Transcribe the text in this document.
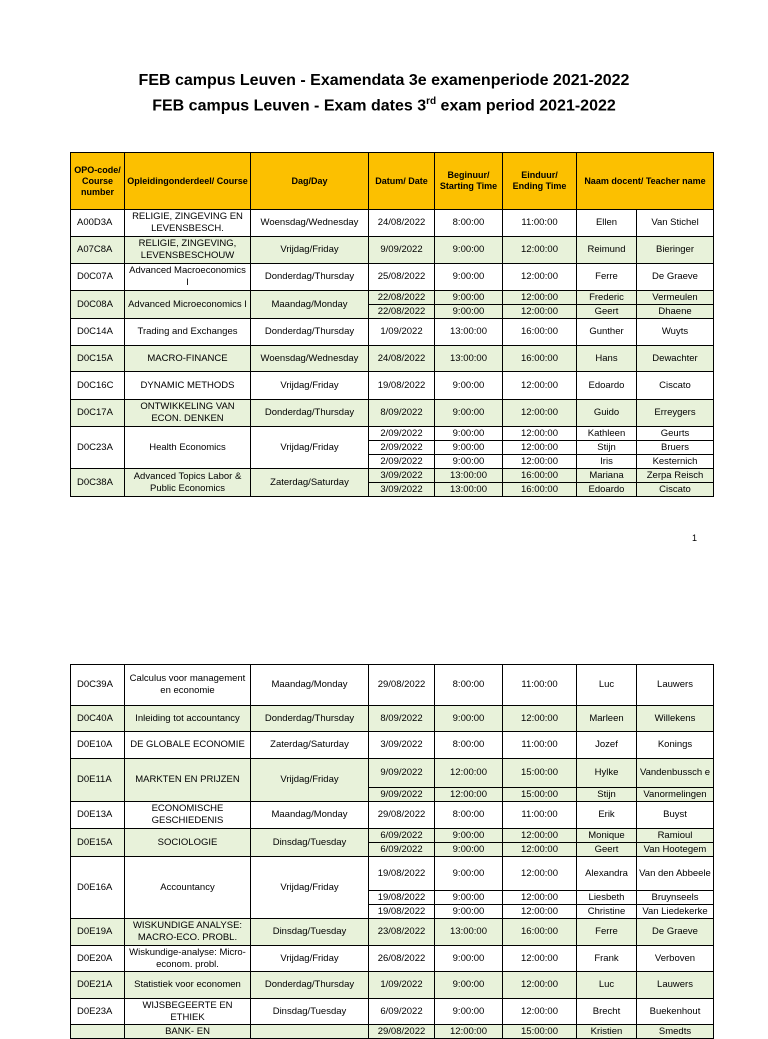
FEB campus Leuven - Examendata 3e examenperiode 2021-2022
FEB campus Leuven - Exam dates 3rd exam period 2021-2022
OPO-code/ Course number	Opleidingonderdeel/ Course	Dag/Day	Datum/ Date	Beginuur/ Starting Time	Einduur/ Ending Time	Naam docent/ Teacher name	
A00D3A	RELIGIE, ZINGEVING EN LEVENSBESCH.	Woensdag/Wednesday	24/08/2022	8:00:00	11:00:00	Ellen	Van Stichel
A07C8A	RELIGIE, ZINGEVING, LEVENSBESCHOUW	Vrijdag/Friday	9/09/2022	9:00:00	12:00:00	Reimund	Bieringer
D0C07A	Advanced Macroeconomics I	Donderdag/Thursday	25/08/2022	9:00:00	12:00:00	Ferre	De Graeve
D0C08A	Advanced Microeconomics I	Maandag/Monday	22/08/2022	9:00:00	12:00:00	Frederic	Vermeulen
			22/08/2022	9:00:00	12:00:00	Geert	Dhaene
D0C14A	Trading and Exchanges	Donderdag/Thursday	1/09/2022	13:00:00	16:00:00	Gunther	Wuyts
D0C15A	MACRO-FINANCE	Woensdag/Wednesday	24/08/2022	13:00:00	16:00:00	Hans	Dewachter
D0C16C	DYNAMIC METHODS	Vrijdag/Friday	19/08/2022	9:00:00	12:00:00	Edoardo	Ciscato
D0C17A	ONTWIKKELING VAN ECON. DENKEN	Donderdag/Thursday	8/09/2022	9:00:00	12:00:00	Guido	Erreygers
D0C23A	Health Economics	Vrijdag/Friday	2/09/2022	9:00:00	12:00:00	Kathleen	Geurts
			2/09/2022	9:00:00	12:00:00	Stijn	Bruers
			2/09/2022	9:00:00	12:00:00	Iris	Kesternich
D0C38A	Advanced Topics Labor & Public Economics	Zaterdag/Saturday	3/09/2022	13:00:00	16:00:00	Mariana	Zerpa Reisch
			3/09/2022	13:00:00	16:00:00	Edoardo	Ciscato
1
D0C39A	Calculus voor management en economie	Maandag/Monday	29/08/2022	8:00:00	11:00:00	Luc	Lauwers
D0C40A	Inleiding tot accountancy	Donderdag/Thursday	8/09/2022	9:00:00	12:00:00	Marleen	Willekens
D0E10A	DE GLOBALE ECONOMIE	Zaterdag/Saturday	3/09/2022	8:00:00	11:00:00	Jozef	Konings
D0E11A	MARKTEN EN PRIJZEN	Vrijdag/Friday	9/09/2022	12:00:00	15:00:00	Hylke	Vandenbussch e
			9/09/2022	12:00:00	15:00:00	Stijn	Vanormelingen
D0E13A	ECONOMISCHE GESCHIEDENIS	Maandag/Monday	29/08/2022	8:00:00	11:00:00	Erik	Buyst
D0E15A	SOCIOLOGIE	Dinsdag/Tuesday	6/09/2022	9:00:00	12:00:00	Monique	Ramioul
			6/09/2022	9:00:00	12:00:00	Geert	Van Hootegem
D0E16A	Accountancy	Vrijdag/Friday	19/08/2022	9:00:00	12:00:00	Alexandra	Van den Abbeele
			19/08/2022	9:00:00	12:00:00	Liesbeth	Bruynseels
			19/08/2022	9:00:00	12:00:00	Christine	Van Liedekerke
D0E19A	WISKUNDIGE ANALYSE: MACRO-ECO. PROBL.	Dinsdag/Tuesday	23/08/2022	13:00:00	16:00:00	Ferre	De Graeve
D0E20A	Wiskundige-analyse: Micro-econom. probl.	Vrijdag/Friday	26/08/2022	9:00:00	12:00:00	Frank	Verboven
D0E21A	Statistiek voor economen	Donderdag/Thursday	1/09/2022	9:00:00	12:00:00	Luc	Lauwers
D0E23A	WIJSBEGEERTE EN ETHIEK	Dinsdag/Tuesday	6/09/2022	9:00:00	12:00:00	Brecht	Buekenhout
	BANK- EN		29/08/2022	12:00:00	15:00:00	Kristien	Smedts
